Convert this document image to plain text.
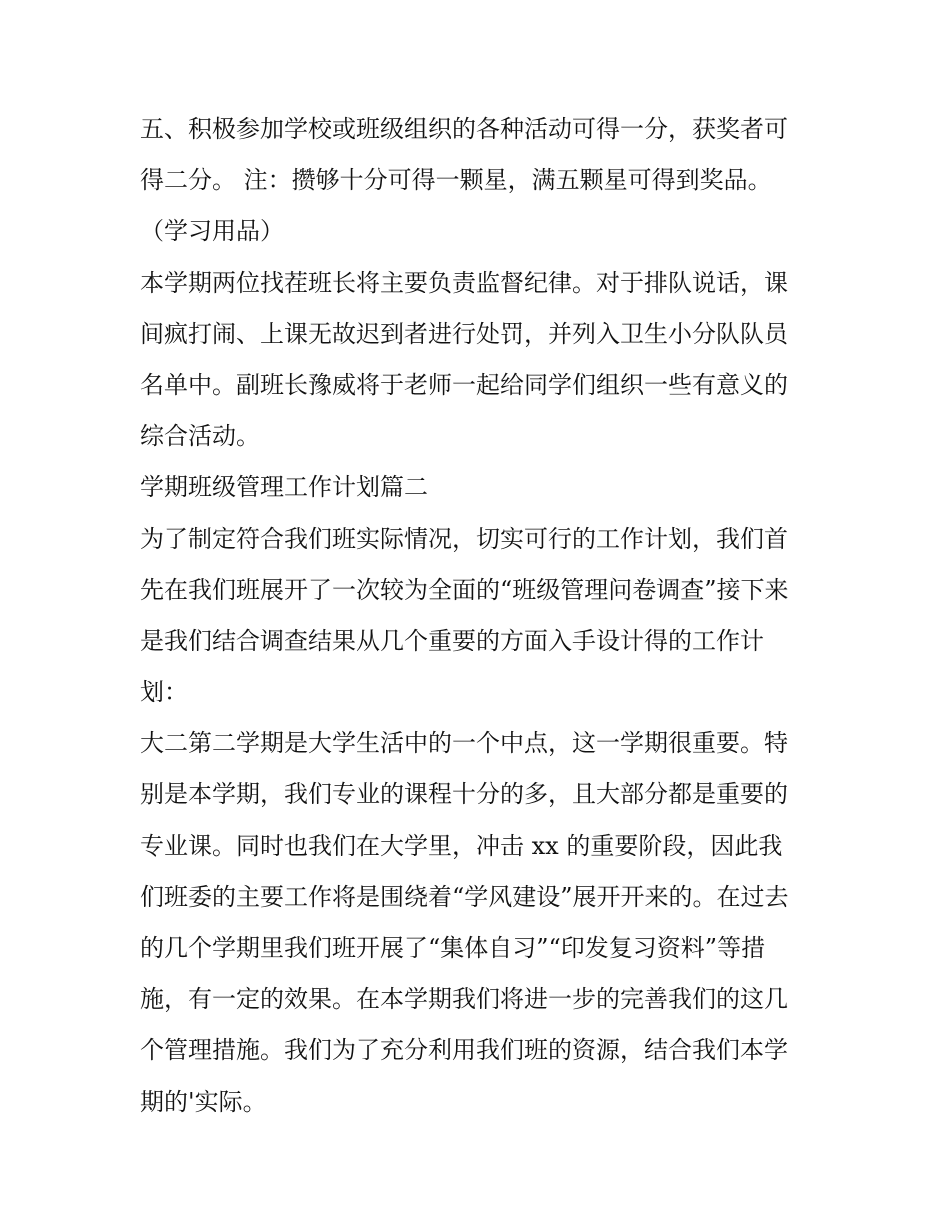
五、积极参加学校或班级组织的各种活动可得一分，获奖者可
得二分。 注：攒够十分可得一颗星，满五颗星可得到奖品。
（学习用品）
本学期两位找茬班长将主要负责监督纪律。对于排队说话，课
间疯打闹、上课无故迟到者进行处罚，并列入卫生小分队队员
名单中。副班长豫威将于老师一起给同学们组织一些有意义的
综合活动。
学期班级管理工作计划篇二
为了制定符合我们班实际情况，切实可行的工作计划，我们首
先在我们班展开了一次较为全面的“班级管理问卷调查”接下来
是我们结合调查结果从几个重要的方面入手设计得的工作计
划：
大二第二学期是大学生活中的一个中点，这一学期很重要。特
别是本学期，我们专业的课程十分的多，且大部分都是重要的
专业课。同时也我们在大学里，冲击 xx 的重要阶段，因此我
们班委的主要工作将是围绕着“学风建设”展开开来的。在过去
的几个学期里我们班开展了“集体自习”“印发复习资料”等措
施，有一定的效果。在本学期我们将进一步的完善我们的这几
个管理措施。我们为了充分利用我们班的资源，结合我们本学
期的'实际。
